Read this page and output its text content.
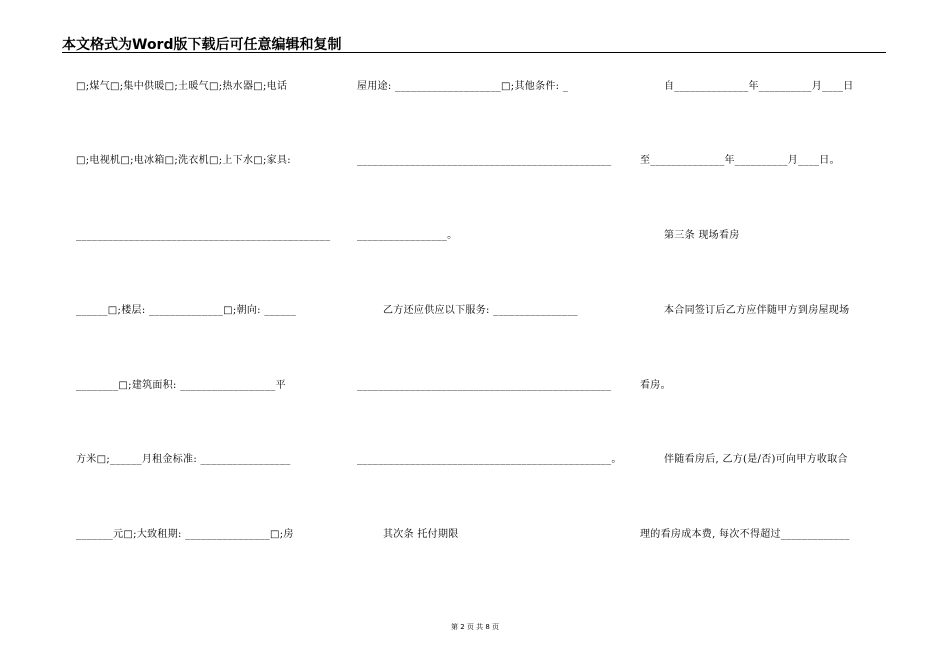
本文格式为Word版下载后可任意编辑和复制
□;煤气□;集中供暖□;土暖气□;热水器□;电话
□;电视机□;电冰箱□;洗衣机□;上下水□;家具:
________________________________________________
______□;楼层: ______________□;朝向: ______
________□;建筑面积: __________________平
方米□;______月租金标准: _________________
_______元□;大致租期: ________________□;房
屋用途: ____________________□;其他条件: _
________________________________________________
_________________。
乙方还应供应以下服务: ________________
________________________________________________
________________________________________________。
其次条 托付期限
自______________年__________月____日
至______________年__________月____日。
第三条 现场看房
本合同签订后乙方应伴随甲方到房屋现场
看房。
伴随看房后, 乙方(是/否)可向甲方收取合
理的看房成本费, 每次不得超过_____________
第 2 页 共 8 页
